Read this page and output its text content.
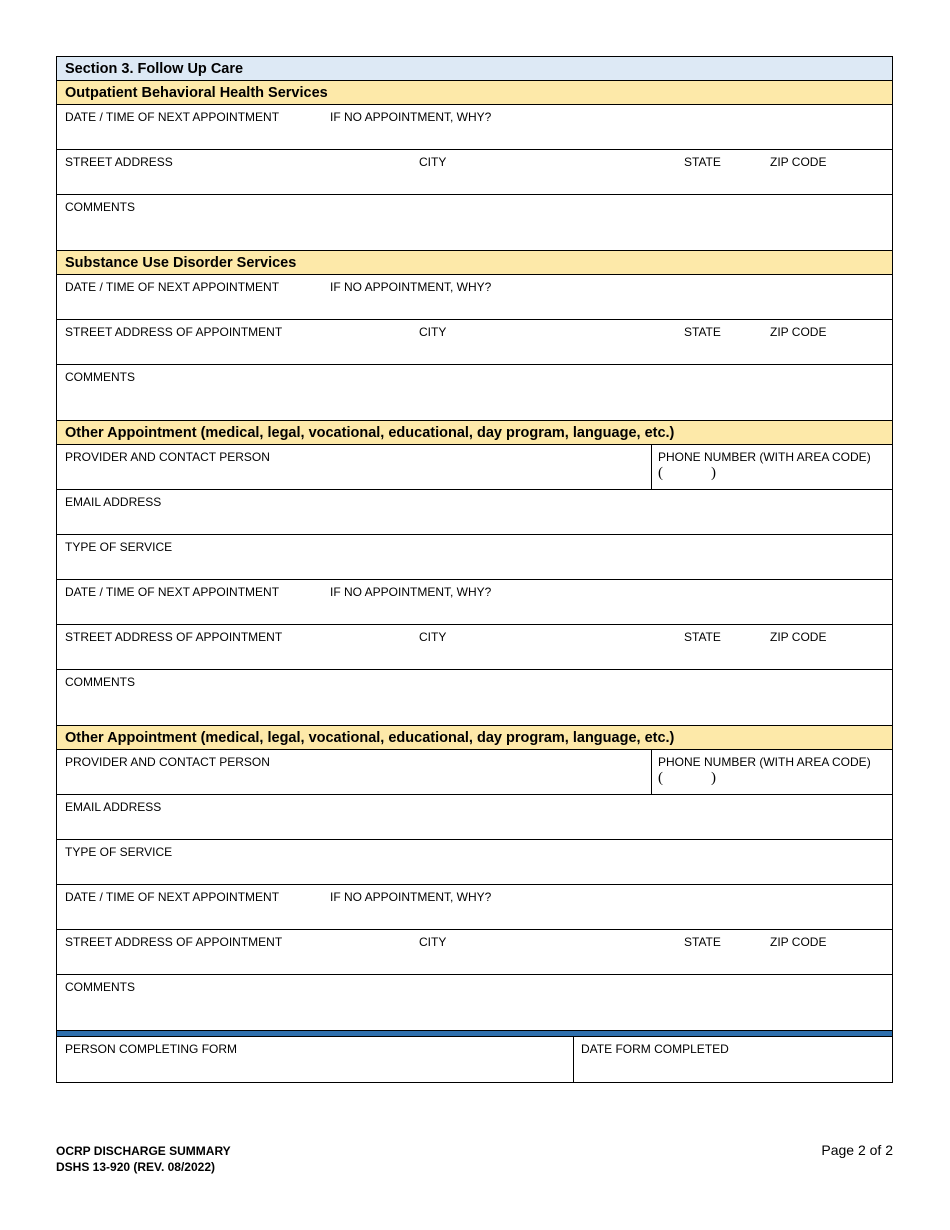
Section 3. Follow Up Care
Outpatient Behavioral Health Services
DATE / TIME OF NEXT APPOINTMENT	IF NO APPOINTMENT, WHY?
STREET ADDRESS	CITY	STATE	ZIP CODE
COMMENTS
Substance Use Disorder Services
DATE / TIME OF NEXT APPOINTMENT	IF NO APPOINTMENT, WHY?
STREET ADDRESS OF APPOINTMENT	CITY	STATE	ZIP CODE
COMMENTS
Other Appointment (medical, legal, vocational, educational, day program, language, etc.)
PROVIDER AND CONTACT PERSON	PHONE NUMBER (WITH AREA CODE)
(	)
EMAIL ADDRESS
TYPE OF SERVICE
DATE / TIME OF NEXT APPOINTMENT	IF NO APPOINTMENT, WHY?
STREET ADDRESS OF APPOINTMENT	CITY	STATE	ZIP CODE
COMMENTS
Other Appointment (medical, legal, vocational, educational, day program, language, etc.)
PROVIDER AND CONTACT PERSON	PHONE NUMBER (WITH AREA CODE)
(	)
EMAIL ADDRESS
TYPE OF SERVICE
DATE / TIME OF NEXT APPOINTMENT	IF NO APPOINTMENT, WHY?
STREET ADDRESS OF APPOINTMENT	CITY	STATE	ZIP CODE
COMMENTS
PERSON COMPLETING FORM	DATE FORM COMPLETED
OCRP DISCHARGE SUMMARY
DSHS 13-920 (REV. 08/2022)
Page 2 of 2
